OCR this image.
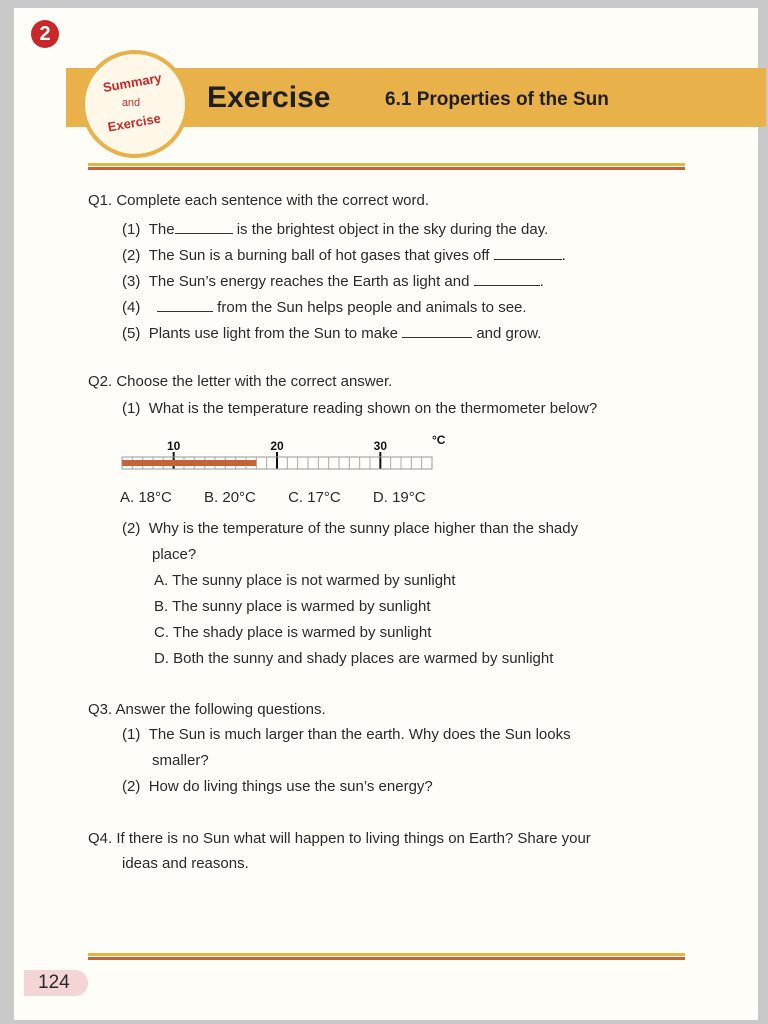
2
Summary
and
Exercise
Exercise	6.1 Properties of the Sun
Q1. Complete each sentence with the correct word.
(1) The	is the brightest object in the sky during the day.
(2) The Sun is a burning ball of hot gases that gives off	.
(3) The Sun’s energy reaches the Earth as light and	.
(4)	from the Sun helps people and animals to see.
(5) Plants use light from the Sun to make	and grow.
Q2. Choose the letter with the correct answer.
(1) What is the temperature reading shown on the thermometer below?
10	20	30	°C
A. 18°C B. 20°C C. 17°C D. 19°C
(2) Why is the temperature of the sunny place higher than the shady
place?
A. The sunny place is not warmed by sunlight
B. The sunny place is warmed by sunlight
C. The shady place is warmed by sunlight
D. Both the sunny and shady places are warmed by sunlight
Q3. Answer the following questions.
(1) The Sun is much larger than the earth. Why does the Sun looks
smaller?
(2) How do living things use the sun’s energy?
Q4. If there is no Sun what will happen to living things on Earth? Share your
ideas and reasons.
124
